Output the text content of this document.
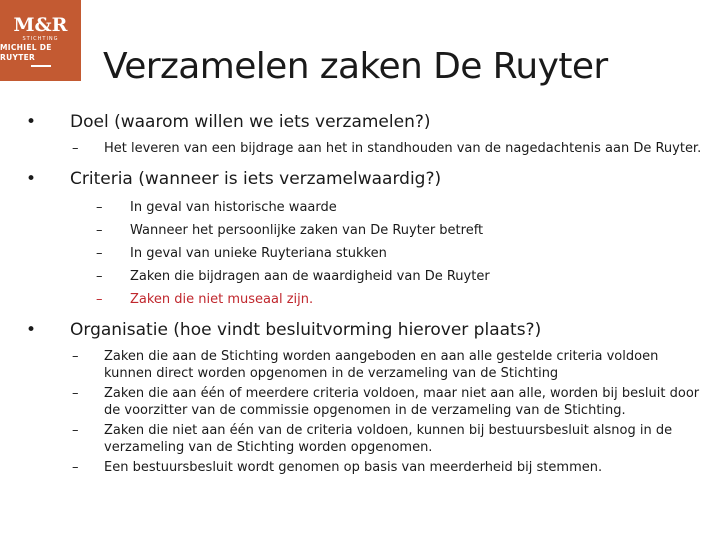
M&R
STICHTING
MICHIEL DE RUYTER	Verzamelen zaken De Ruyter
• Doel (waarom willen we iets verzamelen?)
– Het leveren van een bijdrage aan het in standhouden van de nagedachtenis aan De Ruyter.
• Criteria (wanneer is iets verzamelwaardig?)
– In geval van historische waarde
– Wanneer het persoonlijke zaken van De Ruyter betreft
– In geval van unieke Ruyteriana stukken
– Zaken die bijdragen aan de waardigheid van De Ruyter
– Zaken die niet museaal zijn.
• Organisatie (hoe vindt besluitvorming hierover plaats?)
– Zaken die aan de Stichting worden aangeboden en aan alle gestelde criteria voldoen kunnen direct worden opgenomen in de verzameling van de Stichting
– Zaken die aan één of meerdere criteria voldoen, maar niet aan alle, worden bij besluit door de voorzitter van de commissie opgenomen in de verzameling van de Stichting.
– Zaken die niet aan één van de criteria voldoen, kunnen bij bestuursbesluit alsnog in de verzameling van de Stichting worden opgenomen.
– Een bestuursbesluit wordt genomen op basis van meerderheid bij stemmen.
